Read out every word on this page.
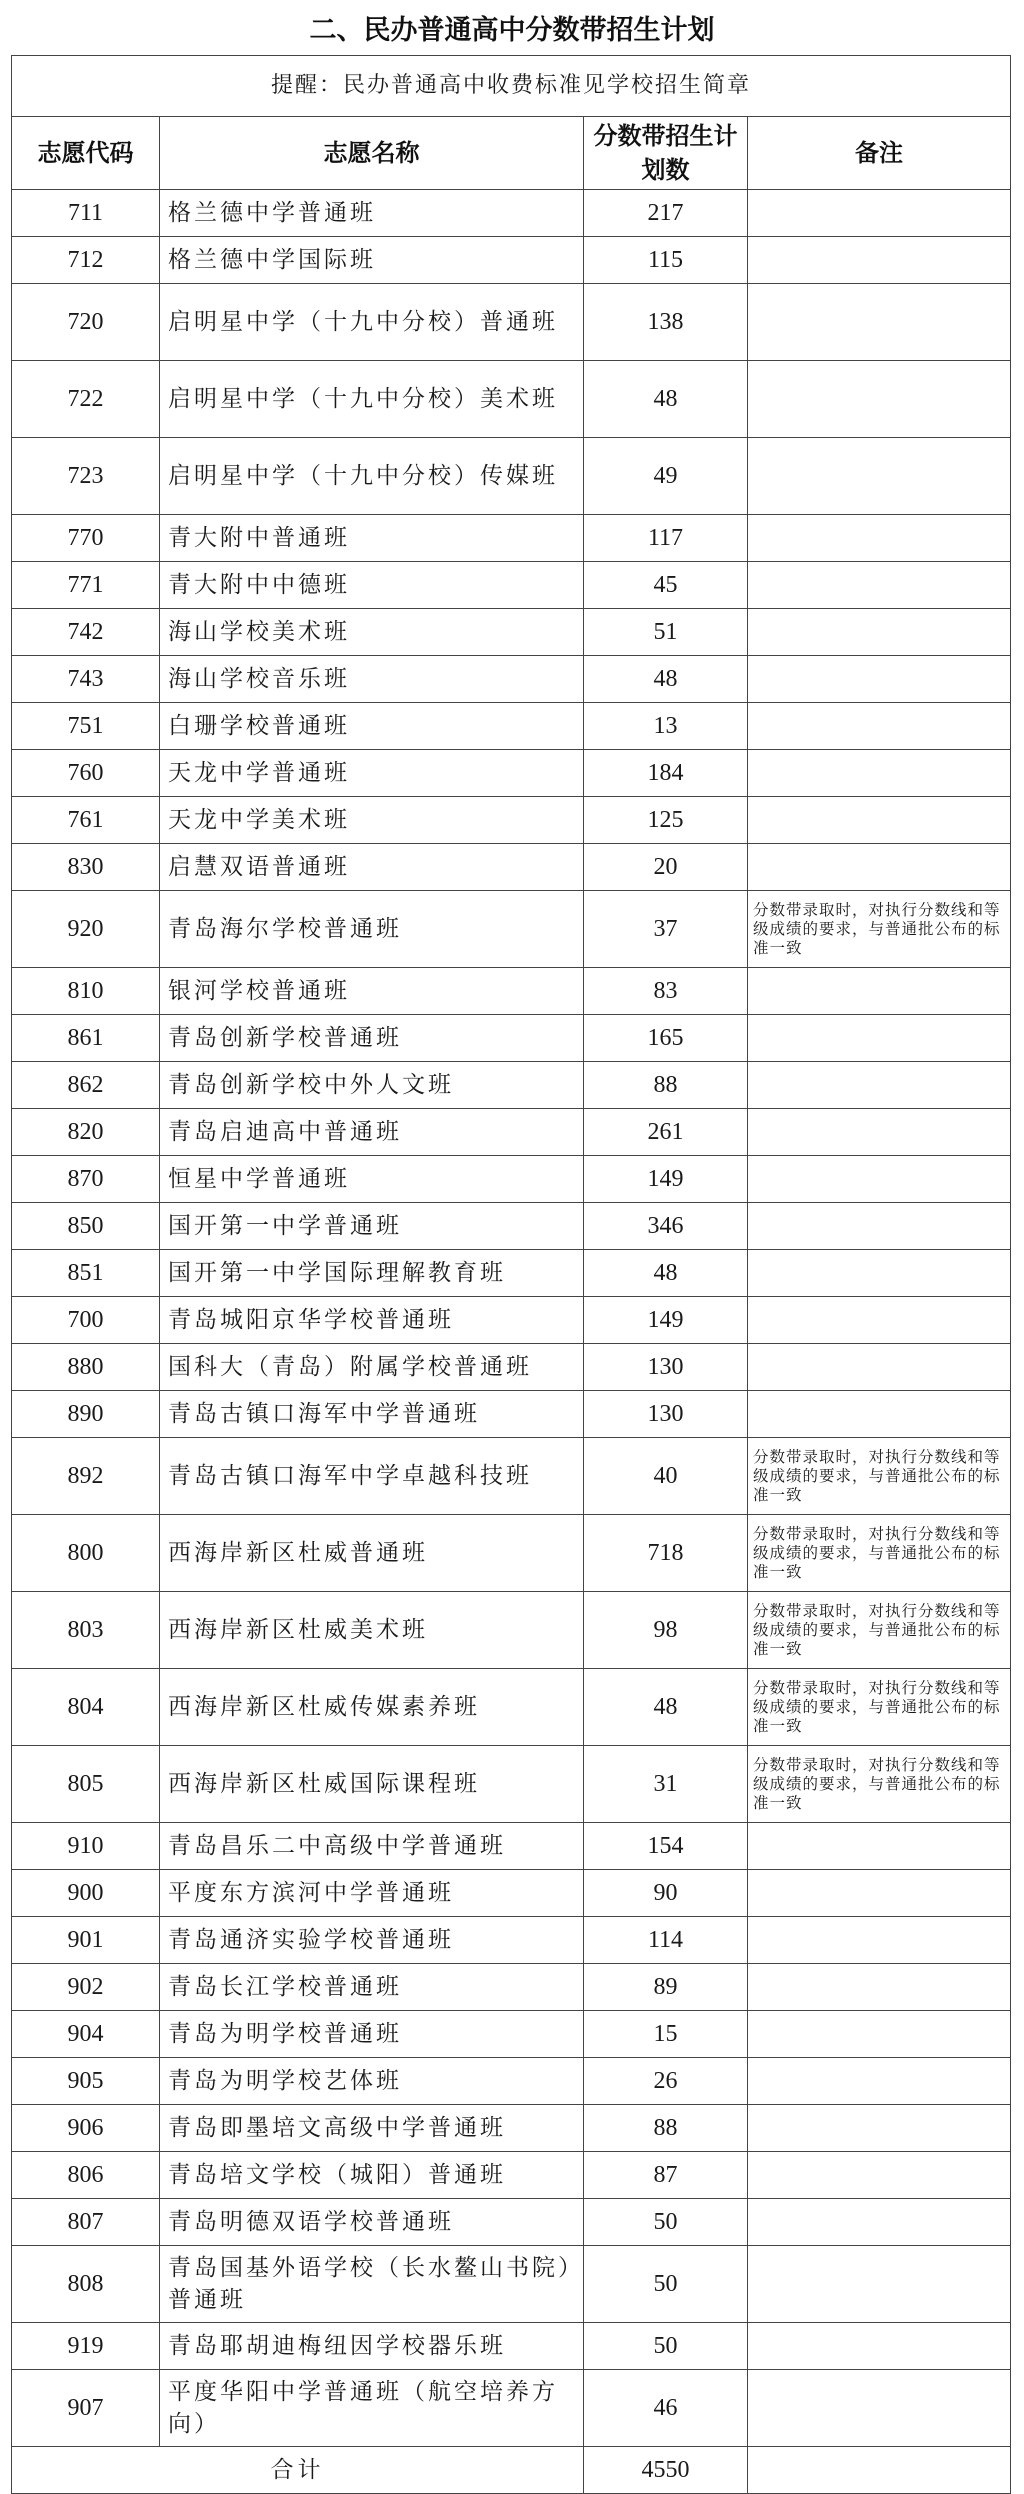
二、民办普通高中分数带招生计划
提醒：民办普通高中收费标准见学校招生简章			
志愿代码	志愿名称	分数带招生计划数	备注
711	格兰德中学普通班	217	
712	格兰德中学国际班	115	
720	启明星中学（十九中分校）普通班	138	
722	启明星中学（十九中分校）美术班	48	
723	启明星中学（十九中分校）传媒班	49	
770	青大附中普通班	117	
771	青大附中中德班	45	
742	海山学校美术班	51	
743	海山学校音乐班	48	
751	白珊学校普通班	13	
760	天龙中学普通班	184	
761	天龙中学美术班	125	
830	启慧双语普通班	20	
920	青岛海尔学校普通班	37	分数带录取时，对执行分数线和等级成绩的要求，与普通批公布的标准一致
810	银河学校普通班	83	
861	青岛创新学校普通班	165	
862	青岛创新学校中外人文班	88	
820	青岛启迪高中普通班	261	
870	恒星中学普通班	149	
850	国开第一中学普通班	346	
851	国开第一中学国际理解教育班	48	
700	青岛城阳京华学校普通班	149	
880	国科大（青岛）附属学校普通班	130	
890	青岛古镇口海军中学普通班	130	
892	青岛古镇口海军中学卓越科技班	40	分数带录取时，对执行分数线和等级成绩的要求，与普通批公布的标准一致
800	西海岸新区杜威普通班	718	分数带录取时，对执行分数线和等级成绩的要求，与普通批公布的标准一致
803	西海岸新区杜威美术班	98	分数带录取时，对执行分数线和等级成绩的要求，与普通批公布的标准一致
804	西海岸新区杜威传媒素养班	48	分数带录取时，对执行分数线和等级成绩的要求，与普通批公布的标准一致
805	西海岸新区杜威国际课程班	31	分数带录取时，对执行分数线和等级成绩的要求，与普通批公布的标准一致
910	青岛昌乐二中高级中学普通班	154	
900	平度东方滨河中学普通班	90	
901	青岛通济实验学校普通班	114	
902	青岛长江学校普通班	89	
904	青岛为明学校普通班	15	
905	青岛为明学校艺体班	26	
906	青岛即墨培文高级中学普通班	88	
806	青岛培文学校（城阳）普通班	87	
807	青岛明德双语学校普通班	50	
808	青岛国基外语学校（长水鳌山书院）普通班	50	
919	青岛耶胡迪梅纽因学校器乐班	50	
907	平度华阳中学普通班（航空培养方向）	46	
合计		4550	
